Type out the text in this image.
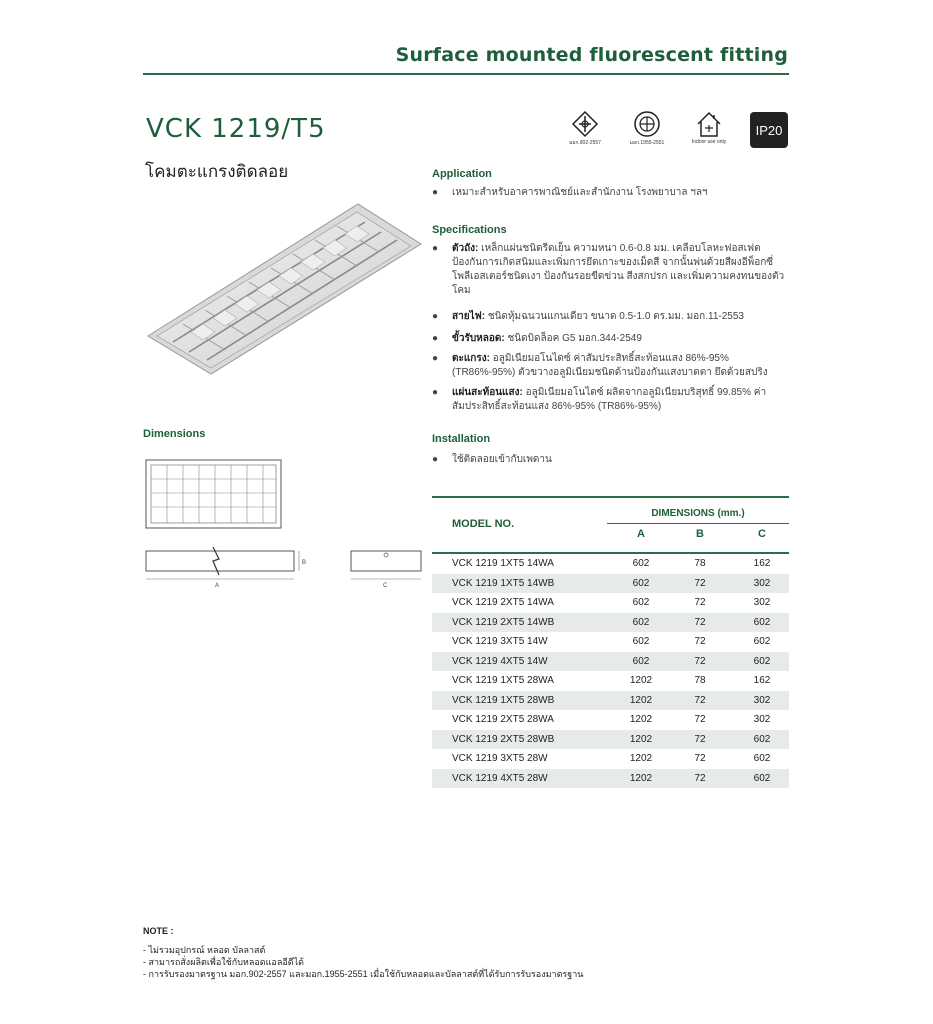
Surface mounted fluorescent fitting
VCK 1219/T5
โคมตะแกรงติดลอย
มอก.902-2557	มอก.1955-2551	Indoor use only
IP20
A
B
C
Dimensions
Application
● เหมาะสำหรับอาคารพาณิชย์และสำนักงาน โรงพยาบาล ฯลฯ
Specifications
● ตัวถัง: เหล็กแผ่นชนิดรีดเย็น ความหนา 0.6-0.8 มม. เคลือบโลหะฟอสเฟต ป้องกันการเกิดสนิมและเพิ่มการยึดเกาะของเม็ดสี จากนั้นพ่นด้วยสีผงอีพ็อกซี่ โพลีเอสเตอร์ชนิดเงา ป้องกันรอยขีดข่วน สีงสกปรก และเพิ่มความคงทนของตัวโคม
● สายไฟ: ชนิดหุ้มฉนวนแกนเดียว ขนาด 0.5-1.0 ตร.มม. มอก.11-2553
● ขั้วรับหลอด: ชนิดบิดล็อค G5 มอก.344-2549
● ตะแกรง: อลูมิเนียมอโนไดซ์ ค่าสัมประสิทธิ์สะท้อนแสง 86%-95% (TR86%-95%) ตัวขวางอลูมิเนียมชนิดด้านป้องกันแสงบาดตา ยึดด้วยสปริง
● แผ่นสะท้อนแสง: อลูมิเนียมอโนไดซ์ ผลิตจากอลูมิเนียมบริสุทธิ์ 99.85% ค่าสัมประสิทธิ์สะท้อนแสง 86%-95% (TR86%-95%)
Installation
● ใช้ติดลอยเข้ากับเพดาน
MODEL NO.
DIMENSIONS (mm.)
A	B	C
VCK 1219 1XT5 14WA	602	78	162
VCK 1219 1XT5 14WB	602	72	302
VCK 1219 2XT5 14WA	602	72	302
VCK 1219 2XT5 14WB	602	72	602
VCK 1219 3XT5 14W	602	72	602
VCK 1219 4XT5 14W	602	72	602
VCK 1219 1XT5 28WA	1202	78	162
VCK 1219 1XT5 28WB	1202	72	302
VCK 1219 2XT5 28WA	1202	72	302
VCK 1219 2XT5 28WB	1202	72	602
VCK 1219 3XT5 28W	1202	72	602
VCK 1219 4XT5 28W	1202	72	602
NOTE :
- ไม่รวมอุปกรณ์ หลอด บัลลาสต์
- สามารถสั่งผลิตเพื่อใช้กับหลอดแอลอีดีได้
- การรับรองมาตรฐาน มอก.902-2557 และมอก.1955-2551 เมื่อใช้กับหลอดและบัลลาสต์ที่ได้รับการรับรองมาตรฐาน
